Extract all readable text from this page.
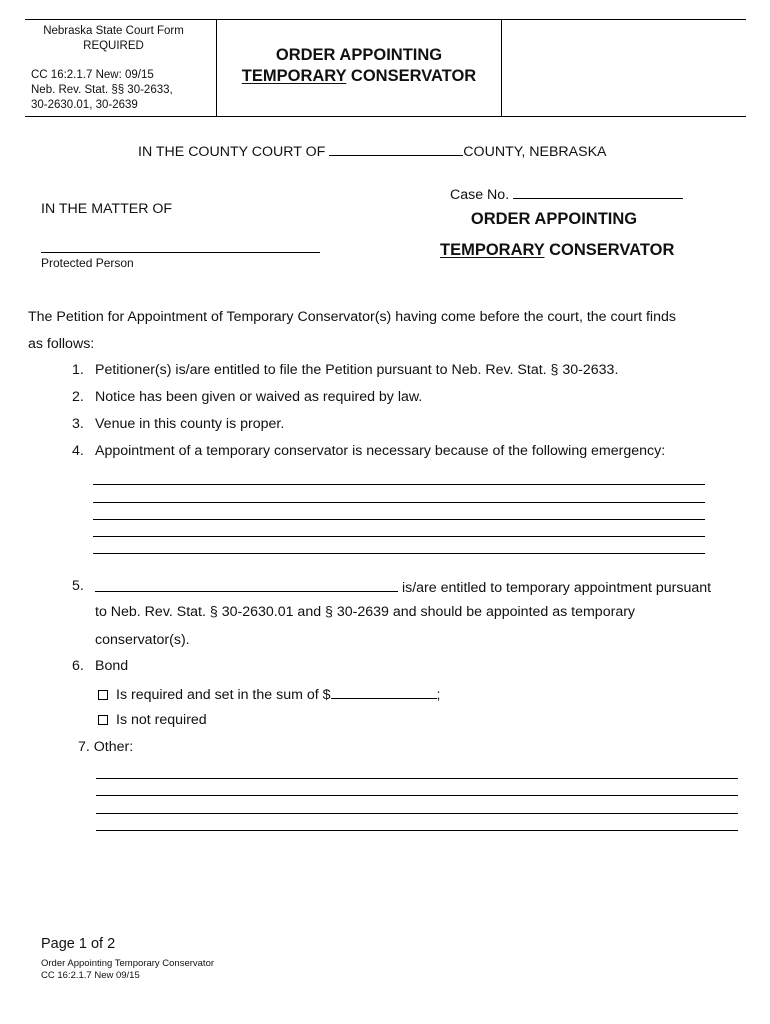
Nebraska State Court Form
REQUIRED
CC 16:2.1.7 New: 09/15
Neb. Rev. Stat. §§ 30-2633,
30-2630.01, 30-2639
ORDER APPOINTING
TEMPORARY CONSERVATOR
IN THE COUNTY COURT OF	COUNTY, NEBRASKA
IN THE MATTER OF
Protected Person
Case No.
ORDER APPOINTING
TEMPORARY CONSERVATOR
The Petition for Appointment of Temporary Conservator(s) having come before the court, the court finds
as follows:
1. Petitioner(s) is/are entitled to file the Petition pursuant to Neb. Rev. Stat. § 30-2633.
2. Notice has been given or waived as required by law.
3. Venue in this county is proper.
4. Appointment of a temporary conservator is necessary because of the following emergency:
5.	is/are entitled to temporary appointment pursuant
to Neb. Rev. Stat. § 30-2630.01 and § 30-2639 and should be appointed as temporary
conservator(s).
6. Bond
Is required and set in the sum of $	;
Is not required
7. Other:
Page 1 of 2
Order Appointing Temporary Conservator
CC 16:2.1.7 New 09/15
